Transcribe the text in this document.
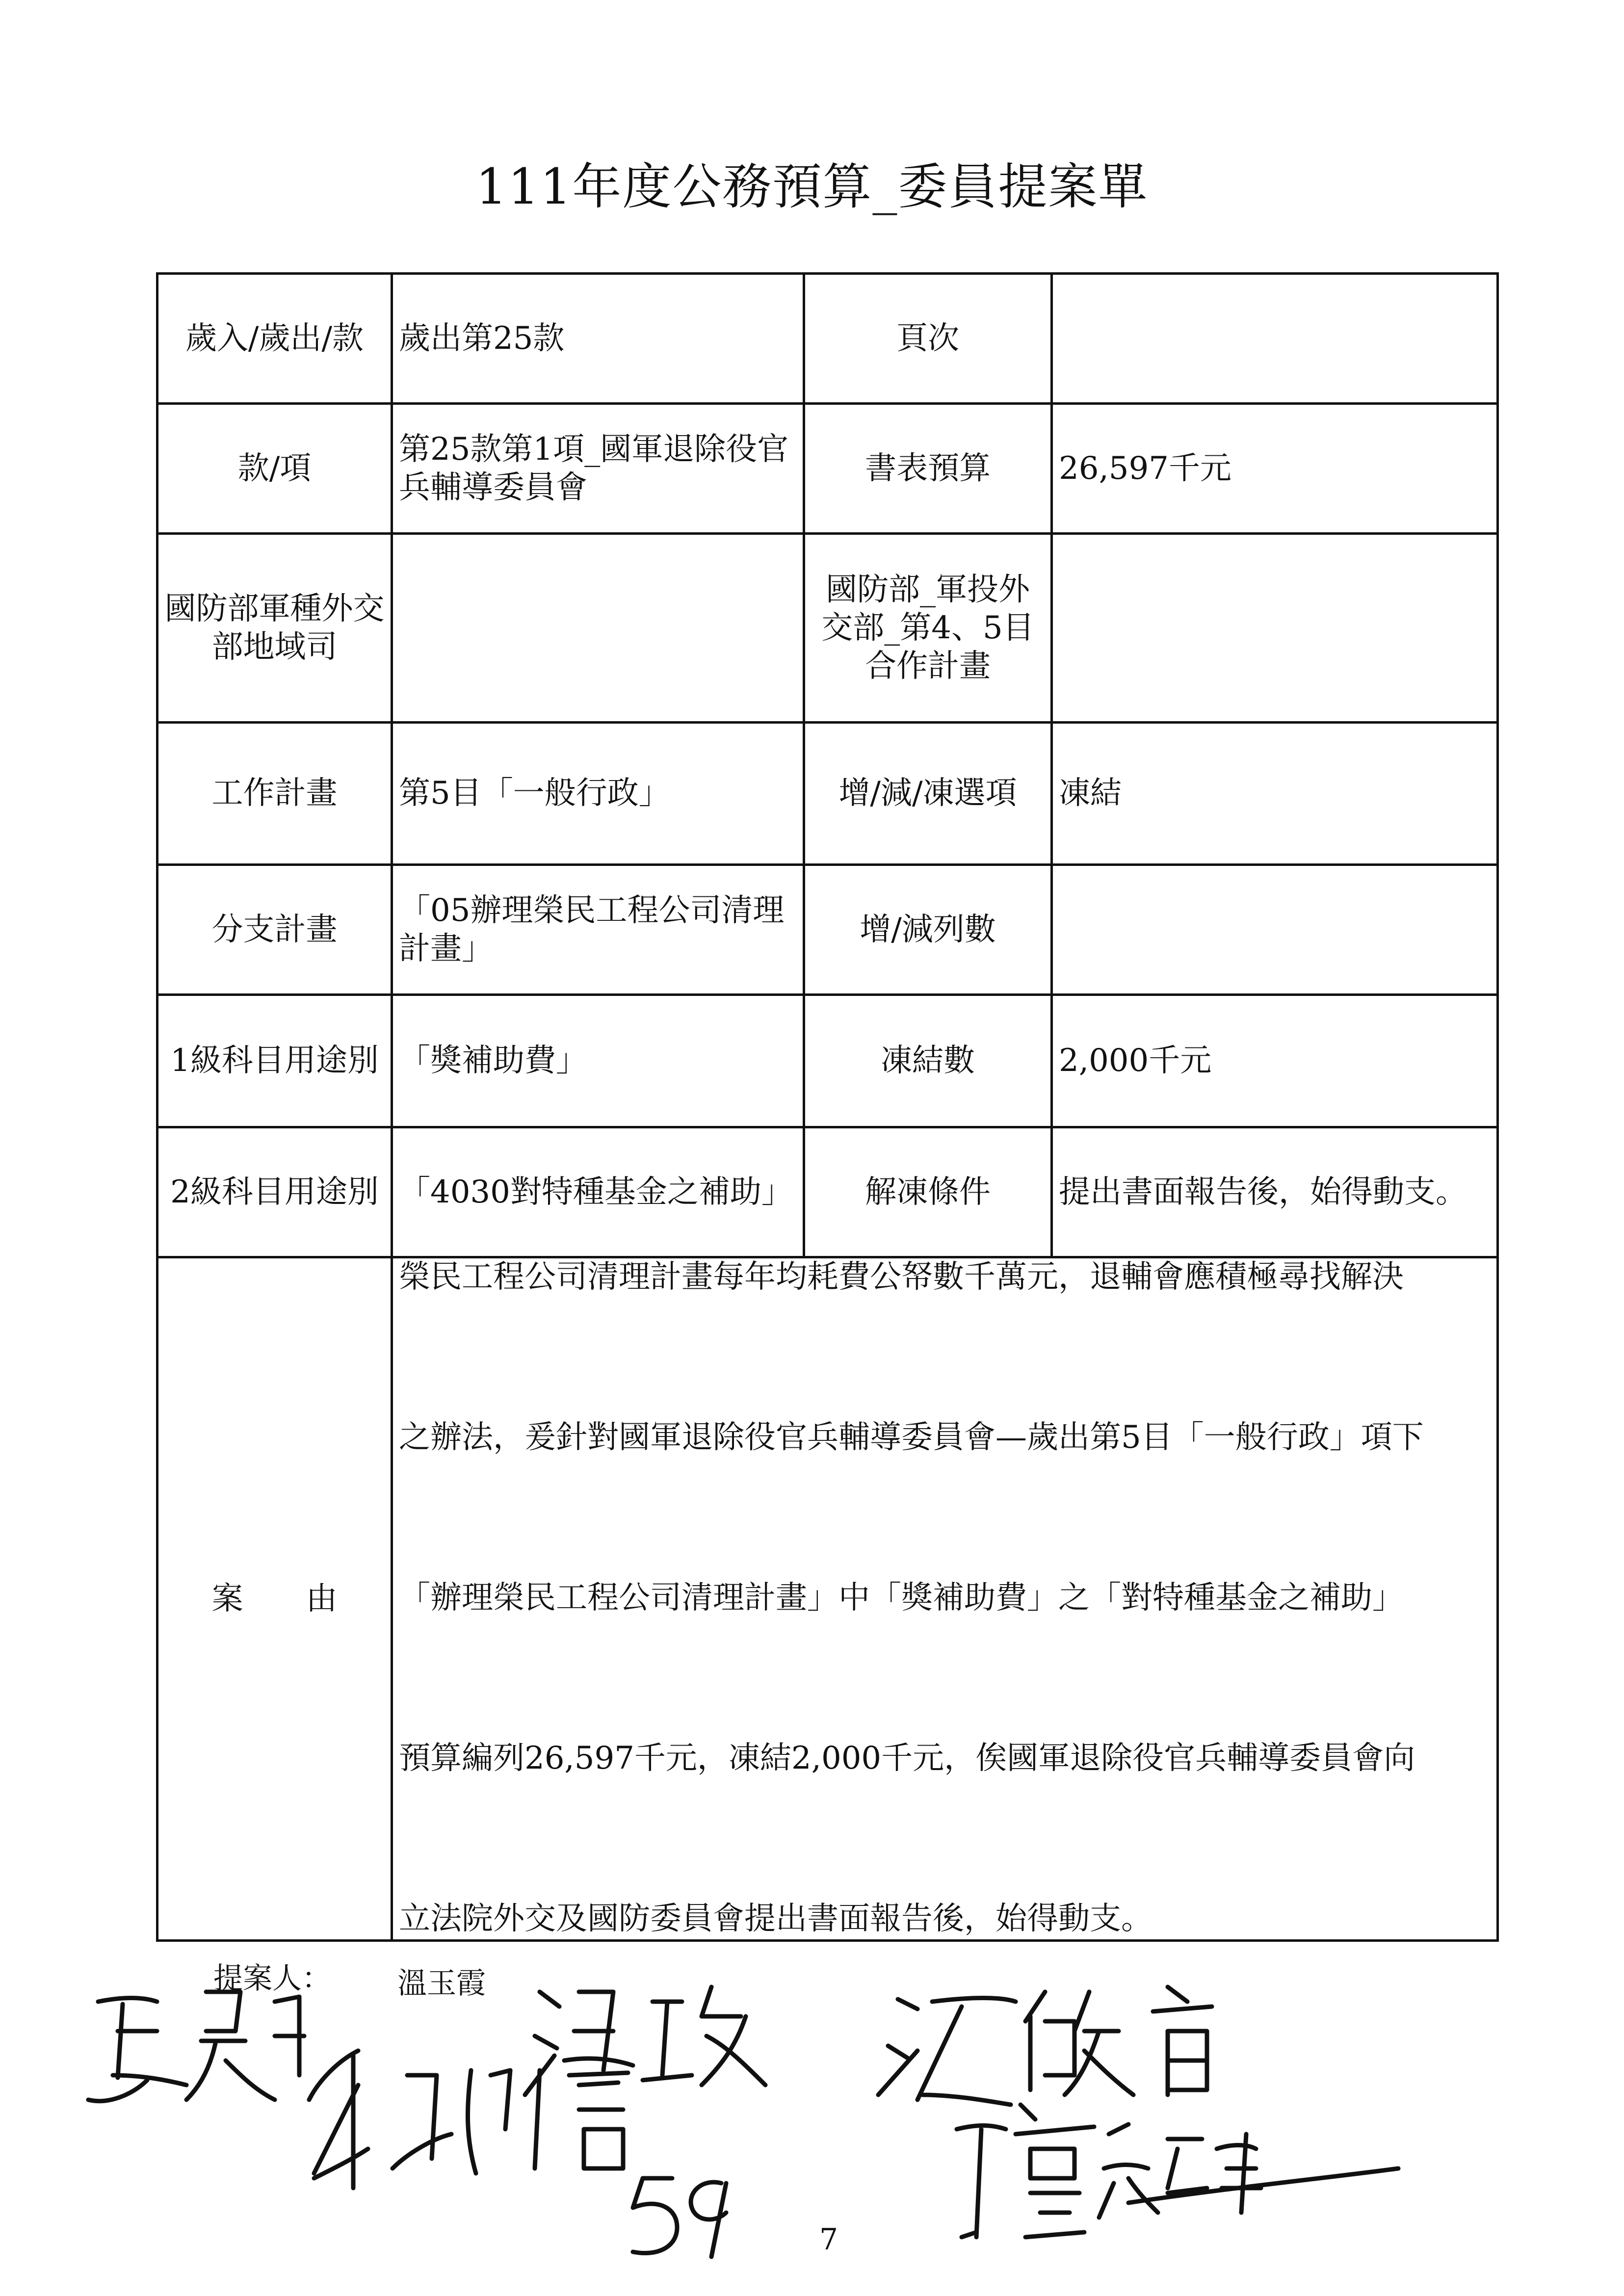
111年度公務預算_委員提案單
歲入/歲出/款	歲出第25款	頁次	
款/項	第25款第1項_國軍退除役官兵輔導委員會	書表預算	26,597千元
國防部軍種外交部地域司		國防部_軍投外交部_第4、5目合作計畫	
工作計畫	第5目「一般行政」	增/減/凍選項	凍結
分支計畫	「05辦理榮民工程公司清理計畫」	增/減列數	
1級科目用途別	「獎補助費」	凍結數	2,000千元
2級科目用途別	「4030對特種基金之補助」	解凍條件	提出書面報告後，始得動支。
案　　由	榮民工程公司清理計畫每年均耗費公帑數千萬元，退輔會應積極尋找解決
之辦法，爰針對國軍退除役官兵輔導委員會—歲出第5目「一般行政」項下
「辦理榮民工程公司清理計畫」中「獎補助費」之「對特種基金之補助」
預算編列26,597千元，凍結2,000千元，俟國軍退除役官兵輔導委員會向
立法院外交及國防委員會提出書面報告後，始得動支。		
提案人： 溫玉霞
7
